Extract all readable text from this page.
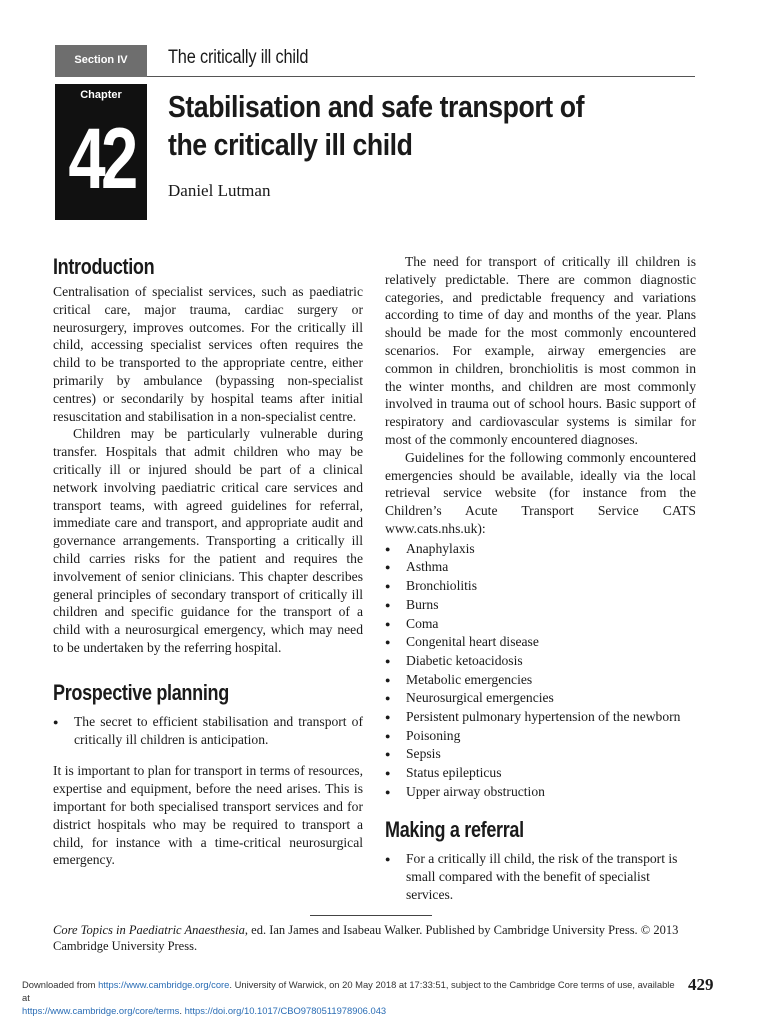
Section IV	The critically ill child
Chapter
42
Stabilisation and safe transport of the critically ill child
Daniel Lutman
Introduction

Centralisation of specialist services, such as paediatric critical care, major trauma, cardiac surgery or neurosurgery, improves outcomes. For the critically ill child, accessing specialist services often requires the child to be transported to the appropriate centre, either primarily by ambulance (bypassing non-specialist centres) or secondarily by hospital teams after initial resuscitation and stabilisation in a non-specialist centre.

Children may be particularly vulnerable during transfer. Hospitals that admit children who may be critically ill or injured should be part of a clinical network involving paediatric critical care services and transport teams, with agreed guidelines for referral, immediate care and transport, and appropriate audit and governance arrangements. Transporting a critically ill child carries risks for the patient and requires the involvement of senior clinicians. This chapter describes general principles of secondary transport of critically ill children and specific guidance for the transport of a child with a neurosurgical emergency, which may need to be undertaken by the referring hospital.

Prospective planning
● The secret to efficient stabilisation and transport of critically ill children is anticipation.

It is important to plan for transport in terms of resources, expertise and equipment, before the need arises. This is important for both specialised transport services and for district hospitals who may be required to transport a child, for instance with a time-critical neurosurgical emergency.

The need for transport of critically ill children is relatively predictable. There are common diagnostic categories, and predictable frequency and variations according to time of day and months of the year. Plans should be made for the most commonly encountered scenarios. For example, airway emergencies are common in children, bronchiolitis is most common in the winter months, and children are most commonly involved in trauma out of school hours. Basic support of respiratory and cardiovascular systems is similar for most of the commonly encountered diagnoses.

Guidelines for the following commonly encountered emergencies should be available, ideally via the local retrieval service website (for instance from the Children’s Acute Transport Service CATS www.cats.nhs.uk):

● Anaphylaxis
● Asthma
● Bronchiolitis
● Burns
● Coma
● Congenital heart disease
● Diabetic ketoacidosis
● Metabolic emergencies
● Neurosurgical emergencies
● Persistent pulmonary hypertension of the newborn
● Poisoning
● Sepsis
● Status epilepticus
● Upper airway obstruction
Making a referral
● For a critically ill child, the risk of the transport is small compared with the benefit of specialist services.
Core Topics in Paediatric Anaesthesia, ed. Ian James and Isabeau Walker. Published by Cambridge University Press. © 2013 Cambridge University Press.
Downloaded from https://www.cambridge.org/core. University of Warwick, on 20 May 2018 at 17:33:51, subject to the Cambridge Core terms of use, available at
https://www.cambridge.org/core/terms. https://doi.org/10.1017/CBO9780511978906.043
429
